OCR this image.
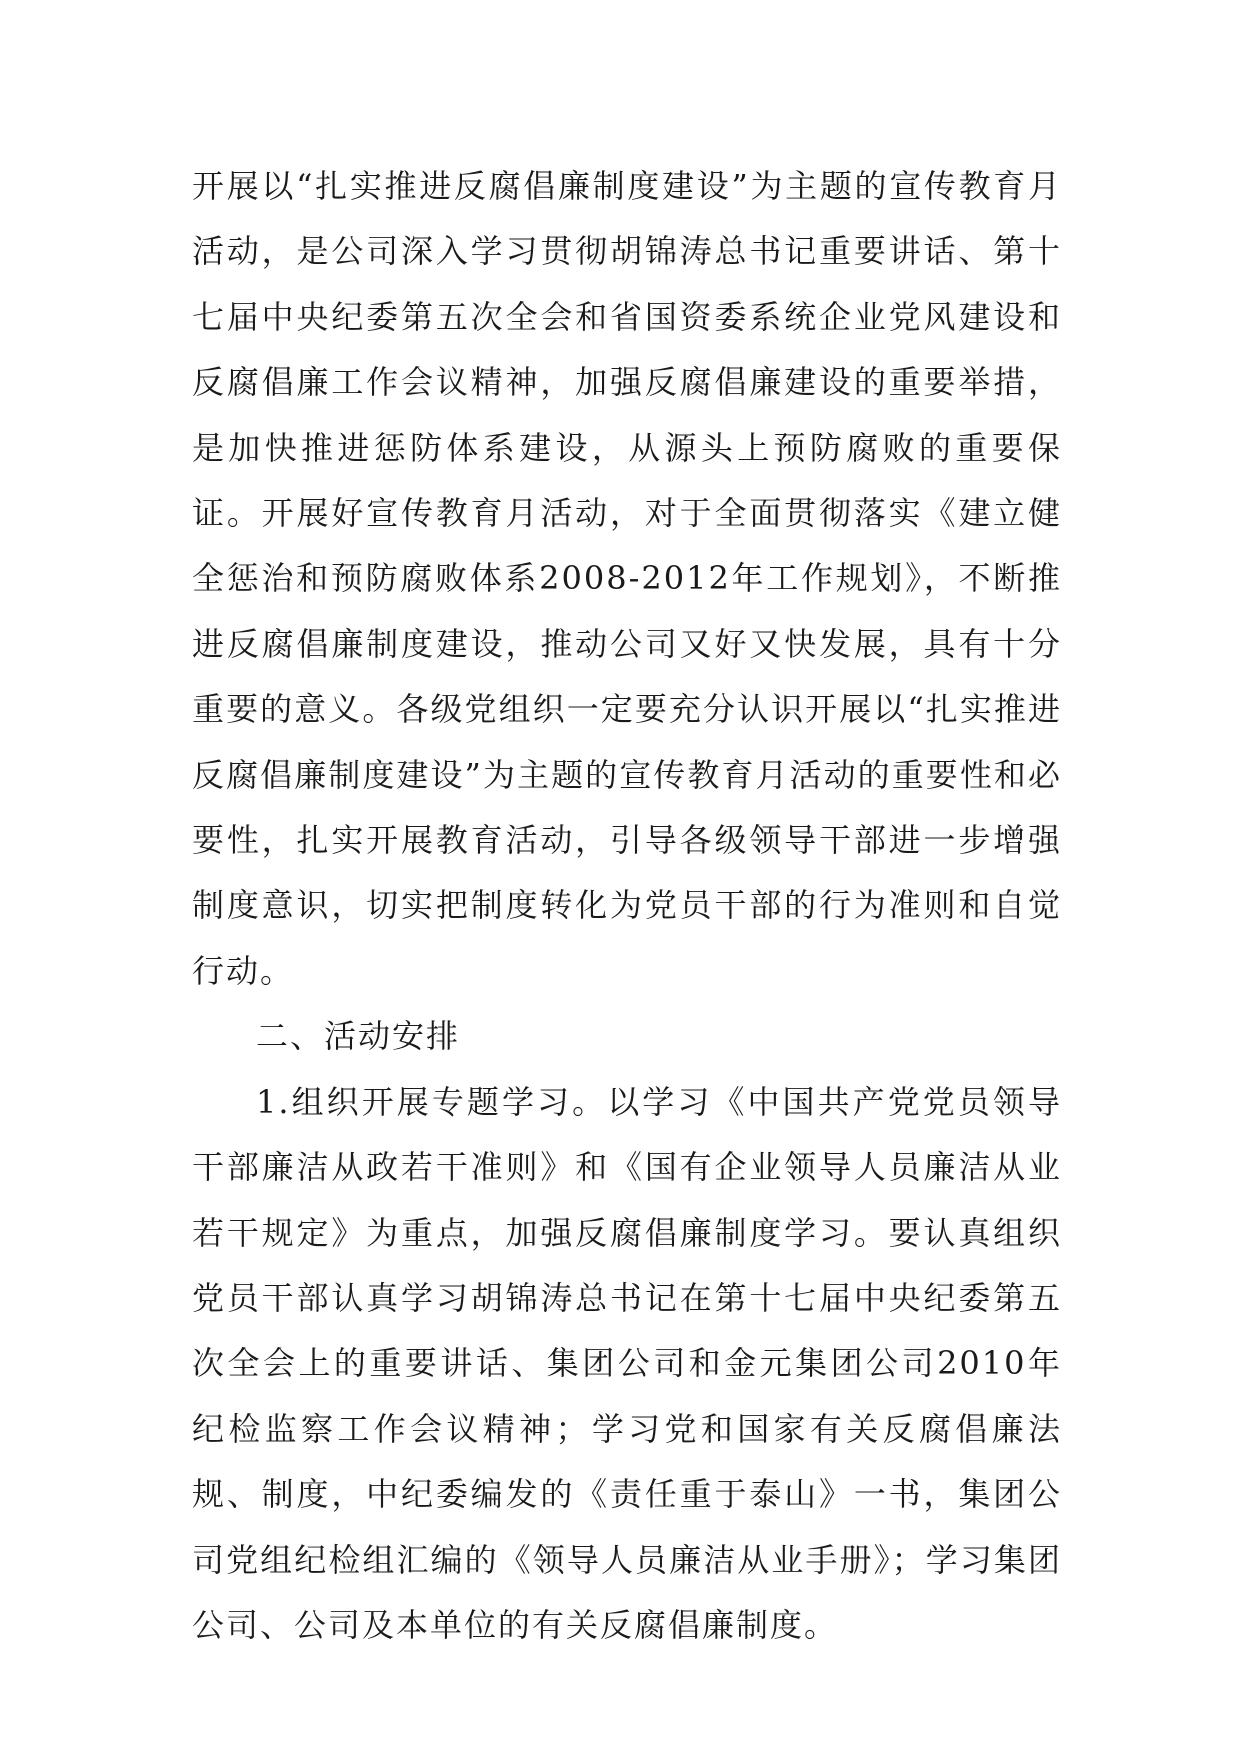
开展以“扎实推进反腐倡廉制度建设”为主题的宣传教育月活动，是公司深入学习贯彻胡锦涛总书记重要讲话、第十七届中央纪委第五次全会和省国资委系统企业党风建设和反腐倡廉工作会议精神，加强反腐倡廉建设的重要举措，是加快推进惩防体系建设，从源头上预防腐败的重要保证。开展好宣传教育月活动，对于全面贯彻落实《建立健全惩治和预防腐败体系2008-2012年工作规划》，不断推进反腐倡廉制度建设，推动公司又好又快发展，具有十分重要的意义。各级党组织一定要充分认识开展以“扎实推进反腐倡廉制度建设”为主题的宣传教育月活动的重要性和必要性，扎实开展教育活动，引导各级领导干部进一步增强制度意识，切实把制度转化为党员干部的行为准则和自觉行动。

二、活动安排

1.组织开展专题学习。以学习《中国共产党党员领导干部廉洁从政若干准则》和《国有企业领导人员廉洁从业若干规定》为重点，加强反腐倡廉制度学习。要认真组织党员干部认真学习胡锦涛总书记在第十七届中央纪委第五次全会上的重要讲话、集团公司和金元集团公司2010年纪检监察工作会议精神；学习党和国家有关反腐倡廉法规、制度，中纪委编发的《责任重于泰山》一书，集团公司党组纪检组汇编的《领导人员廉洁从业手册》；学习集团公司、公司及本单位的有关反腐倡廉制度。
